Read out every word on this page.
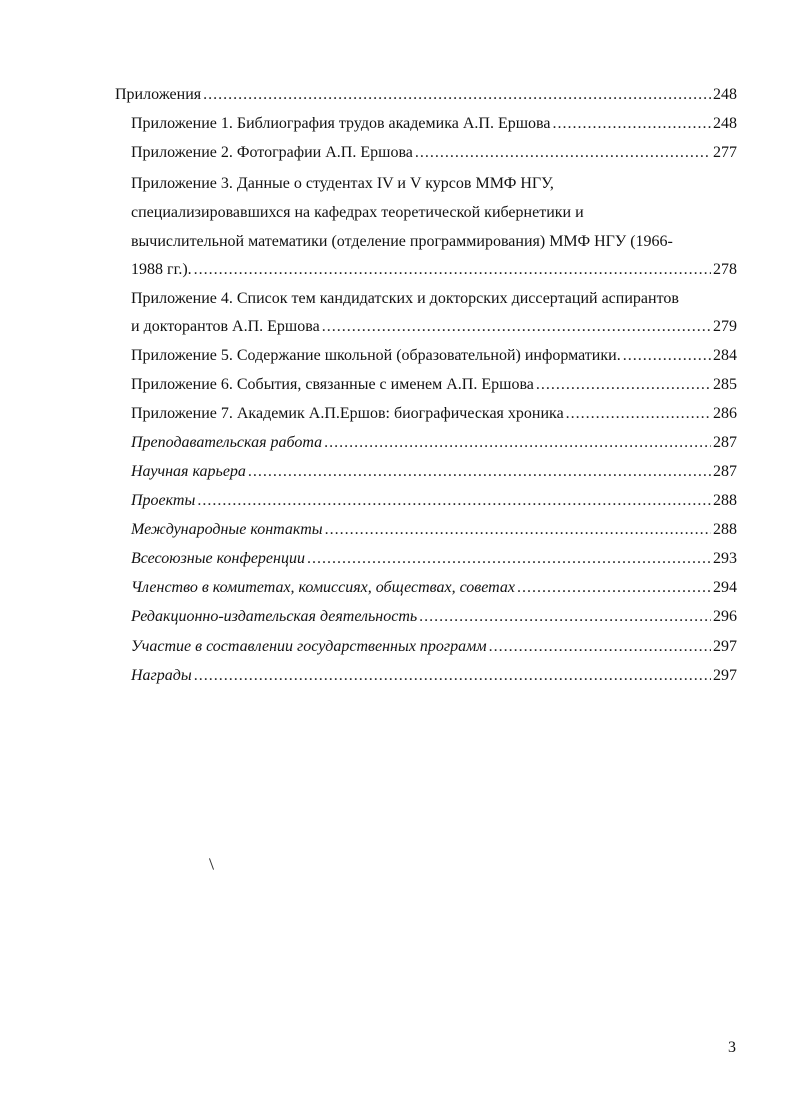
Приложения .....	248
Приложение 1. Библиография трудов академика А.П. Ершова .....	248
Приложение 2. Фотографии А.П. Ершова .....	277
Приложение 3. Данные о студентах IV и V курсов ММФ НГУ,
специализировавшихся на кафедрах теоретической кибернетики и
вычислительной математики (отделение программирования) ММФ НГУ (1966-
1988 гг.). .....	278
Приложение 4. Список тем кандидатских и докторских диссертаций аспирантов
и докторантов А.П. Ершова .....	279
Приложение 5. Содержание школьной (образовательной) информатики. .....	284
Приложение 6. События, связанные с именем А.П. Ершова .....	285
Приложение 7. Академик А.П.Ершов: биографическая хроника .....	286
Преподавательская работа .....	287
Научная карьера .....	287
Проекты .....	288
Международные контакты .....	288
Всесоюзные конференции .....	293
Членство в комитетах, комиссиях, обществах, советах .....	294
Редакционно-издательская деятельность .....	296
Участие в составлении государственных программ .....	297
Награды .....	297
3
